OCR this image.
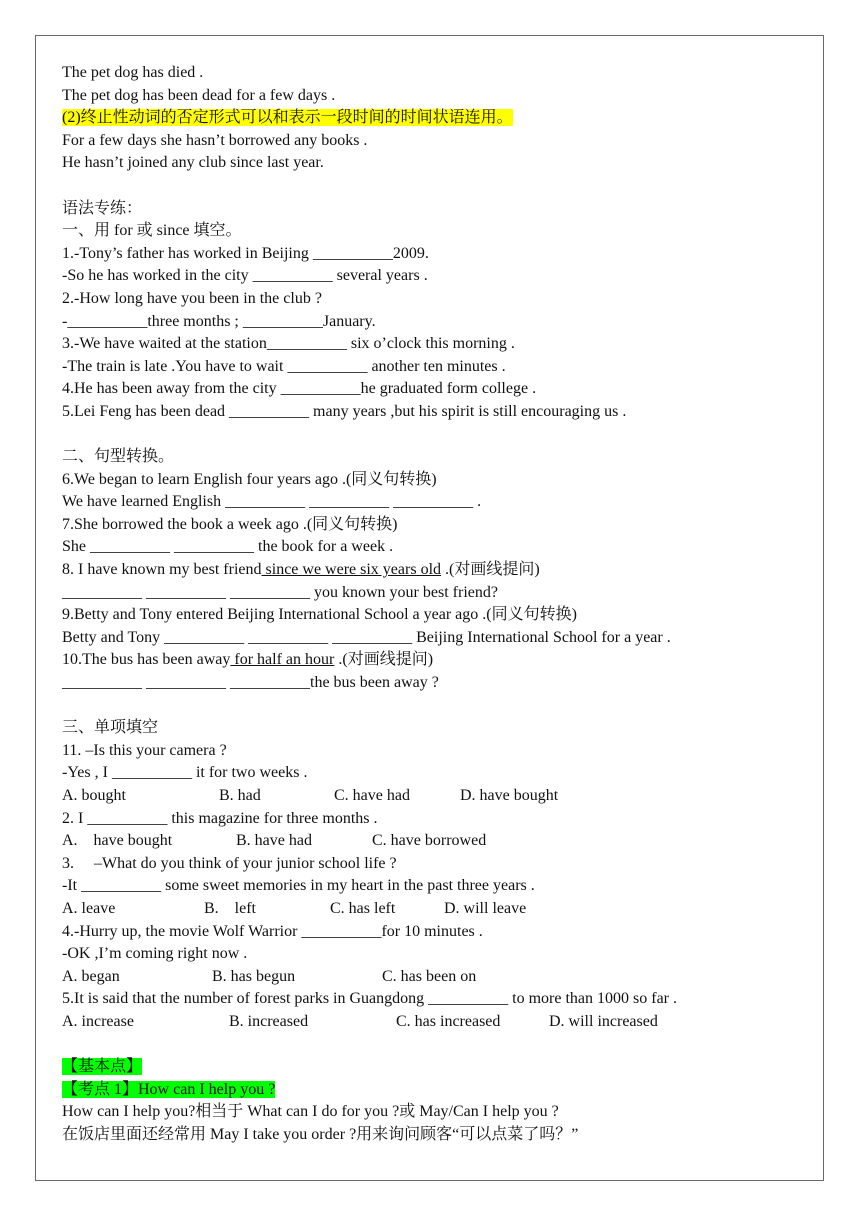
The pet dog has died .
The pet dog has been dead for a few days .
(2)终止性动词的否定形式可以和表示一段时间的时间状语连用。
For a few days she hasn’t borrowed any books .
He hasn’t joined any club since last year.
语法专练：
一、用 for 或 since 填空。
1.-Tony’s father has worked in Beijing __________2009.
-So he has worked in the city __________ several years .
2.-How long have you been in the club ?
-__________three months ; __________January.
3.-We have waited at the station__________ six o’clock this morning .
-The train is late .You have to wait __________ another ten minutes .
4.He has been away from the city __________he graduated form college .
5.Lei Feng has been dead __________ many years ,but his spirit is still encouraging us .
二、句型转换。
6.We began to learn English four years ago .(同义句转换)
We have learned English __________ __________ __________ .
7.She borrowed the book a week ago .(同义句转换)
She __________ __________ the book for a week .
8. I have known my best friend since we were six years old .(对画线提问)
__________ __________ __________ you known your best friend?
9.Betty and Tony entered Beijing International School a year ago .(同义句转换)
Betty and Tony __________ __________ __________ Beijing International School for a year .
10.The bus has been away for half an hour .(对画线提问)
__________ __________ __________the bus been away ?
三、单项填空
11. –Is this your camera ?
-Yes , I __________ it for two weeks .
A. bought	B. had	C. have had	D. have bought
2. I __________ this magazine for three months .
A.    have bought	B. have had	C. have borrowed
3.     –What do you think of your junior school life ?
-It __________ some sweet memories in my heart in the past three years .
A. leave	B.    left	C. has left	D. will leave
4.-Hurry up, the movie Wolf Warrior __________for 10 minutes .
-OK ,I’m coming right now .
A. began	B. has begun	C. has been on
5.It is said that the number of forest parks in Guangdong __________ to more than 1000 so far .
A. increase	B. increased	C. has increased	D. will increased
【基本点】
【考点 1】How can I help you ?
How can I help you?相当于 What can I do for you ?或 May/Can I help you ?
在饭店里面还经常用 May I take you order ?用来询问顾客“可以点菜了吗？”
